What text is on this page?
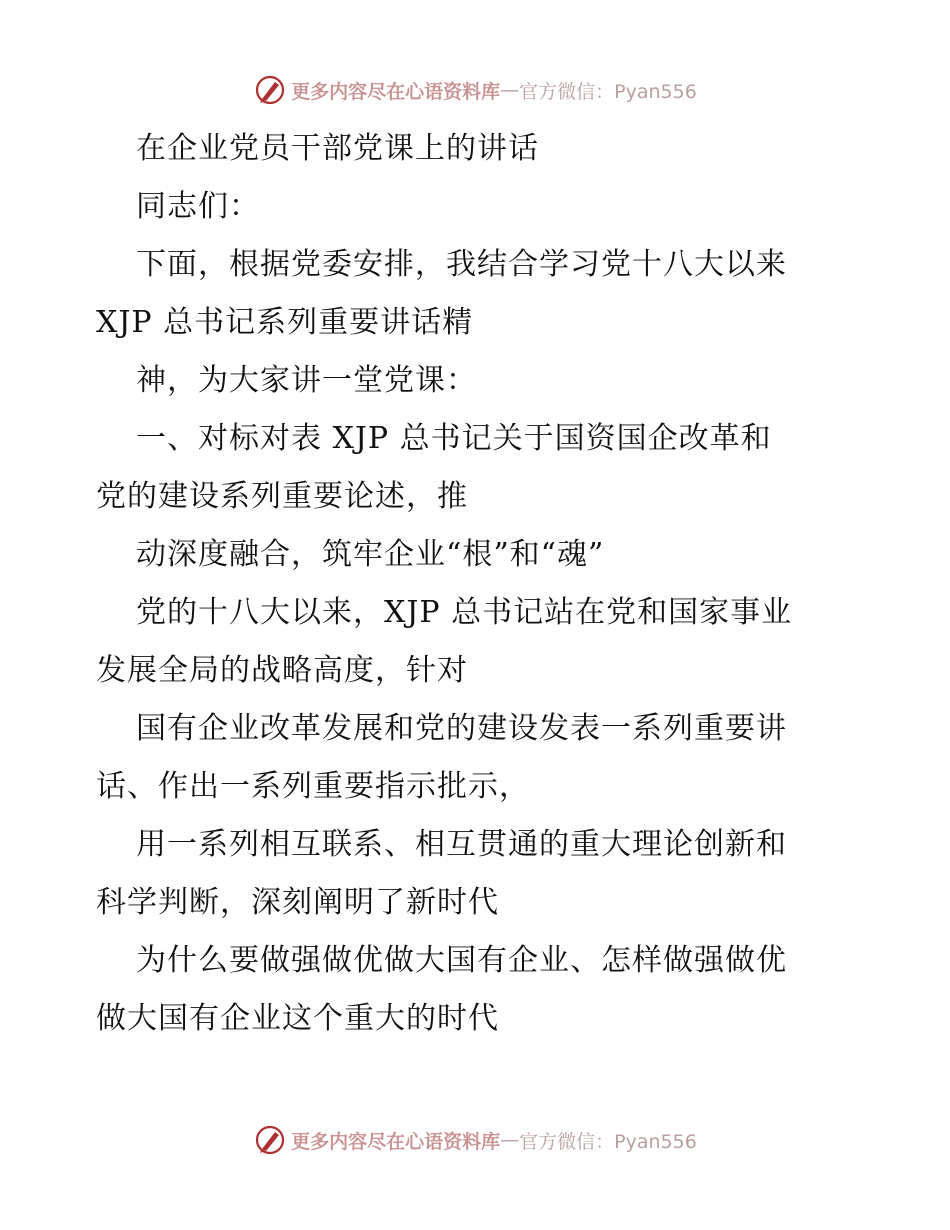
更多内容尽在心语资料库 — 官方微信：Pyan556
在企业党员干部党课上的讲话
同志们：
下面，根据党委安排，我结合学习党十八大以来
XJP 总书记系列重要讲话精
神，为大家讲一堂党课：
一、对标对表 XJP 总书记关于国资国企改革和
党的建设系列重要论述，推
动深度融合，筑牢企业“根”和“魂”
党的十八大以来，XJP 总书记站在党和国家事业
发展全局的战略高度，针对
国有企业改革发展和党的建设发表一系列重要讲
话、作出一系列重要指示批示，
用一系列相互联系、相互贯通的重大理论创新和
科学判断，深刻阐明了新时代
为什么要做强做优做大国有企业、怎样做强做优
做大国有企业这个重大的时代
更多内容尽在心语资料库 — 官方微信：Pyan556
